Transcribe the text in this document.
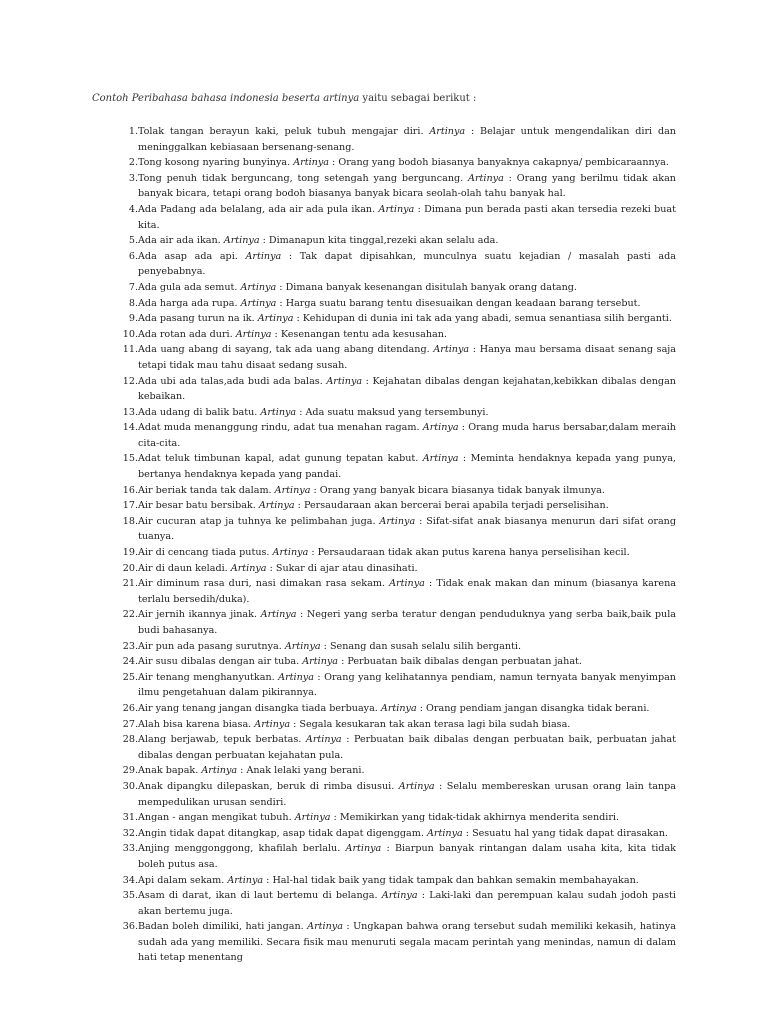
Contoh Peribahasa bahasa indonesia beserta artinya yaitu sebagai berikut :
1. Tolak tangan berayun kaki, peluk tubuh mengajar diri. Artinya : Belajar untuk mengendalikan diri dan meninggalkan kebiasaan bersenang-senang.
2. Tong kosong nyaring bunyinya. Artinya : Orang yang bodoh biasanya banyaknya cakapnya/ pembicaraannya.
3. Tong penuh tidak berguncang, tong setengah yang berguncang. Artinya : Orang yang berilmu tidak akan banyak bicara, tetapi orang bodoh biasanya banyak bicara seolah-olah tahu banyak hal.
4. Ada Padang ada belalang, ada air ada pula ikan. Artinya : Dimana pun berada pasti akan tersedia rezeki buat kita.
5. Ada air ada ikan. Artinya : Dimanapun kita tinggal,rezeki akan selalu ada.
6. Ada asap ada api. Artinya : Tak dapat dipisahkan, munculnya suatu kejadian / masalah pasti ada penyebabnya.
7. Ada gula ada semut. Artinya : Dimana banyak kesenangan disitulah banyak orang datang.
8. Ada harga ada rupa. Artinya : Harga suatu barang tentu disesuaikan dengan keadaan barang tersebut.
9. Ada pasang turun na ik. Artinya : Kehidupan di dunia ini tak ada yang abadi, semua senantiasa silih berganti.
10. Ada rotan ada duri. Artinya : Kesenangan tentu ada kesusahan.
11. Ada uang abang di sayang, tak ada uang abang ditendang. Artinya : Hanya mau bersama disaat senang saja tetapi tidak mau tahu disaat sedang susah.
12. Ada ubi ada talas,ada budi ada balas. Artinya : Kejahatan dibalas dengan kejahatan,kebikkan dibalas dengan kebaikan.
13. Ada udang di balik batu. Artinya : Ada suatu maksud yang tersembunyi.
14. Adat muda menanggung rindu, adat tua menahan ragam. Artinya : Orang muda harus bersabar,dalam meraih cita-cita.
15. Adat teluk timbunan kapal, adat gunung tepatan kabut. Artinya : Meminta hendaknya kepada yang punya, bertanya hendaknya kepada yang pandai.
16. Air beriak tanda tak dalam. Artinya : Orang yang banyak bicara biasanya tidak banyak ilmunya.
17. Air besar batu bersibak. Artinya : Persaudaraan akan bercerai berai apabila terjadi perselisihan.
18. Air cucuran atap ja tuhnya ke pelimbahan juga. Artinya : Sifat-sifat anak biasanya menurun dari sifat orang tuanya.
19. Air di cencang tiada putus. Artinya : Persaudaraan tidak akan putus karena hanya perselisihan kecil.
20. Air di daun keladi. Artinya : Sukar di ajar atau dinasihati.
21. Air diminum rasa duri, nasi dimakan rasa sekam. Artinya : Tidak enak makan dan minum (biasanya karena terlalu bersedih/duka).
22. Air jernih ikannya jinak. Artinya : Negeri yang serba teratur dengan penduduknya yang serba baik,baik pula budi bahasanya.
23. Air pun ada pasang surutnya. Artinya : Senang dan susah selalu silih berganti.
24. Air susu dibalas dengan air tuba. Artinya : Perbuatan baik dibalas dengan perbuatan jahat.
25. Air tenang menghanyutkan. Artinya : Orang yang kelihatannya pendiam, namun ternyata banyak menyimpan ilmu pengetahuan dalam pikirannya.
26. Air yang tenang jangan disangka tiada berbuaya. Artinya : Orang pendiam jangan disangka tidak berani.
27. Alah bisa karena biasa. Artinya : Segala kesukaran tak akan terasa lagi bila sudah biasa.
28. Alang berjawab, tepuk berbatas. Artinya : Perbuatan baik dibalas dengan perbuatan baik, perbuatan jahat dibalas dengan perbuatan kejahatan pula.
29. Anak bapak. Artinya : Anak lelaki yang berani.
30. Anak dipangku dilepaskan, beruk di rimba disusui. Artinya : Selalu membereskan urusan orang lain tanpa mempedulikan urusan sendiri.
31. Angan - angan mengikat tubuh. Artinya : Memikirkan yang tidak-tidak akhirnya menderita sendiri.
32. Angin tidak dapat ditangkap, asap tidak dapat digenggam. Artinya : Sesuatu hal yang tidak dapat dirasakan.
33. Anjing menggonggong, khafilah berlalu. Artinya : Biarpun banyak rintangan dalam usaha kita, kita tidak boleh putus asa.
34. Api dalam sekam. Artinya : Hal-hal tidak baik yang tidak tampak dan bahkan semakin membahayakan.
35. Asam di darat, ikan di laut bertemu di belanga. Artinya : Laki-laki dan perempuan kalau sudah jodoh pasti akan bertemu juga.
36. Badan boleh dimiliki, hati jangan. Artinya : Ungkapan bahwa orang tersebut sudah memiliki kekasih, hatinya sudah ada yang memiliki. Secara fisik mau menuruti segala macam perintah yang menindas, namun di dalam hati tetap menentang
